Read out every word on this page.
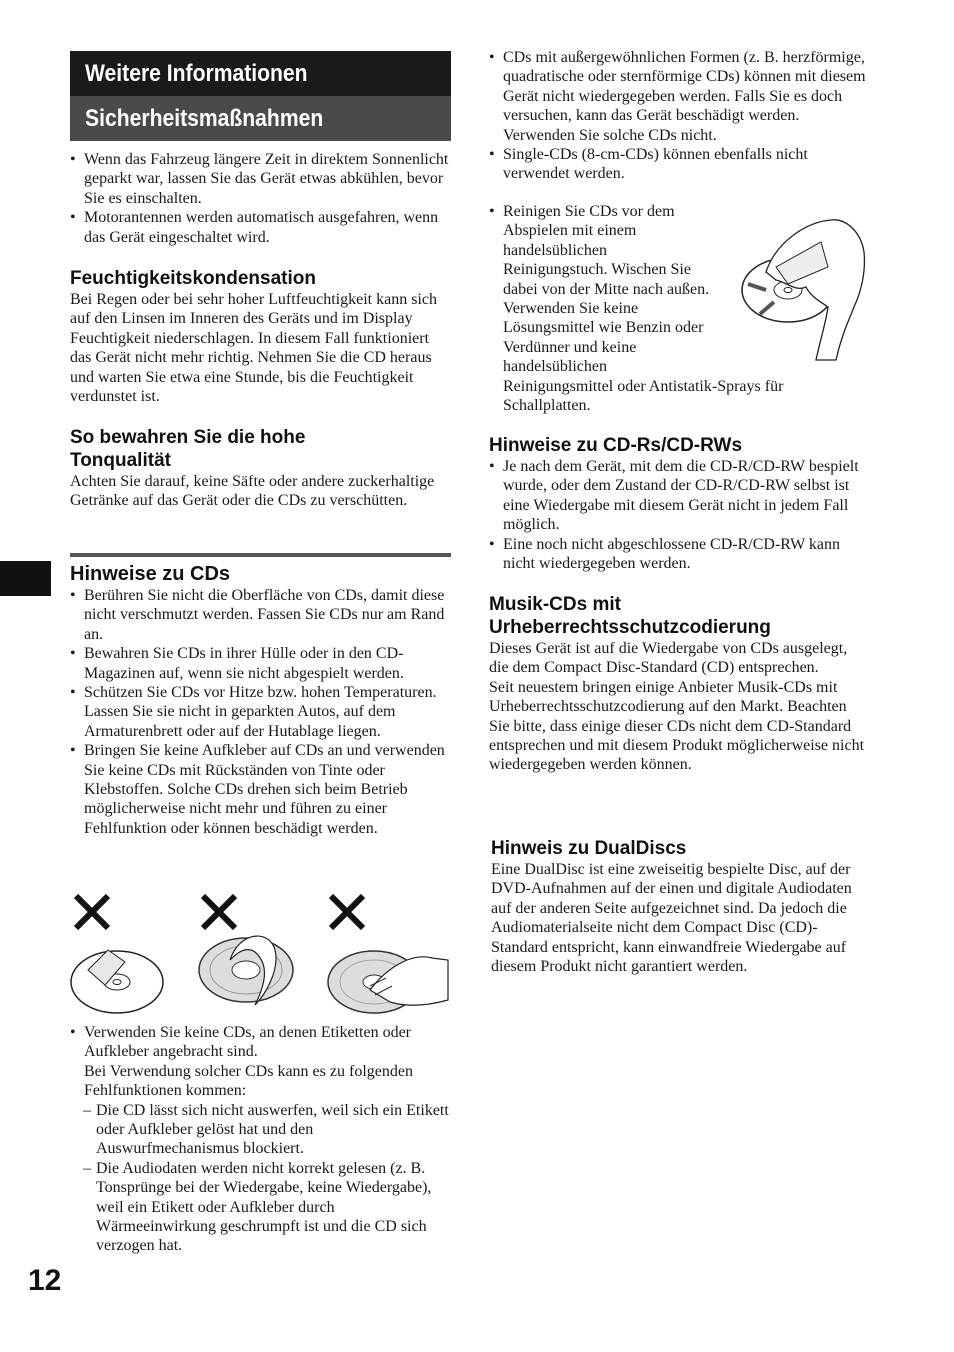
Weitere Informationen
Sicherheitsmaßnahmen
• Wenn das Fahrzeug längere Zeit in direktem Sonnenlicht geparkt war, lassen Sie das Gerät etwas abkühlen, bevor Sie es einschalten.
• Motorantennen werden automatisch ausgefahren, wenn das Gerät eingeschaltet wird.
Feuchtigkeitskondensation

Bei Regen oder bei sehr hoher Luftfeuchtigkeit kann sich auf den Linsen im Inneren des Geräts und im Display Feuchtigkeit niederschlagen. In diesem Fall funktioniert das Gerät nicht mehr richtig. Nehmen Sie die CD heraus und warten Sie etwa eine Stunde, bis die Feuchtigkeit verdunstet ist.

So bewahren Sie die hohe
Tonqualität

Achten Sie darauf, keine Säfte oder andere zuckerhaltige Getränke auf das Gerät oder die CDs zu verschütten.

Hinweise zu CDs
• Berühren Sie nicht die Oberfläche von CDs, damit diese nicht verschmutzt werden. Fassen Sie CDs nur am Rand an.
• Bewahren Sie CDs in ihrer Hülle oder in den CD-Magazinen auf, wenn sie nicht abgespielt werden.
• Schützen Sie CDs vor Hitze bzw. hohen Temperaturen. Lassen Sie sie nicht in geparkten Autos, auf dem Armaturenbrett oder auf der Hutablage liegen.
• Bringen Sie keine Aufkleber auf CDs an und verwenden Sie keine CDs mit Rückständen von Tinte oder Klebstoffen. Solche CDs drehen sich beim Betrieb möglicherweise nicht mehr und führen zu einer Fehlfunktion oder können beschädigt werden.
• Verwenden Sie keine CDs, an denen Etiketten oder Aufkleber angebracht sind.
Bei Verwendung solcher CDs kann es zu folgenden Fehlfunktionen kommen:
– Die CD lässt sich nicht auswerfen, weil sich ein Etikett oder Aufkleber gelöst hat und den Auswurfmechanismus blockiert.
– Die Audiodaten werden nicht korrekt gelesen (z. B. Tonsprünge bei der Wiedergabe, keine Wiedergabe), weil ein Etikett oder Aufkleber durch Wärmeeinwirkung geschrumpft ist und die CD sich verzogen hat.
12
• CDs mit außergewöhnlichen Formen (z. B. herzförmige, quadratische oder sternförmige CDs) können mit diesem Gerät nicht wiedergegeben werden. Falls Sie es doch versuchen, kann das Gerät beschädigt werden. Verwenden Sie solche CDs nicht.
• Single-CDs (8-cm-CDs) können ebenfalls nicht verwendet werden.
• Reinigen Sie CDs vor dem
Abspielen mit einem
handelsüblichen
Reinigungstuch. Wischen Sie
dabei von der Mitte nach außen.
Verwenden Sie keine
Lösungsmittel wie Benzin oder
Verdünner und keine
handelsüblichen
Reinigungsmittel oder Antistatik-Sprays für
Schallplatten.
Hinweise zu CD-Rs/CD-RWs
• Je nach dem Gerät, mit dem die CD-R/CD-RW bespielt wurde, oder dem Zustand der CD-R/CD-RW selbst ist eine Wiedergabe mit diesem Gerät nicht in jedem Fall möglich.
• Eine noch nicht abgeschlossene CD-R/CD-RW kann nicht wiedergegeben werden.
Musik-CDs mit
Urheberrechtsschutzcodierung

Dieses Gerät ist auf die Wiedergabe von CDs ausgelegt, die dem Compact Disc-Standard (CD) entsprechen.

Seit neuestem bringen einige Anbieter Musik-CDs mit Urheberrechtsschutzcodierung auf den Markt. Beachten Sie bitte, dass einige dieser CDs nicht dem CD-Standard entsprechen und mit diesem Produkt möglicherweise nicht wiedergegeben werden können.

Hinweis zu DualDiscs

Eine DualDisc ist eine zweiseitig bespielte Disc, auf der DVD-Aufnahmen auf der einen und digitale Audiodaten auf der anderen Seite aufgezeichnet sind. Da jedoch die Audiomaterialseite nicht dem Compact Disc (CD)-Standard entspricht, kann einwandfreie Wiedergabe auf diesem Produkt nicht garantiert werden.
